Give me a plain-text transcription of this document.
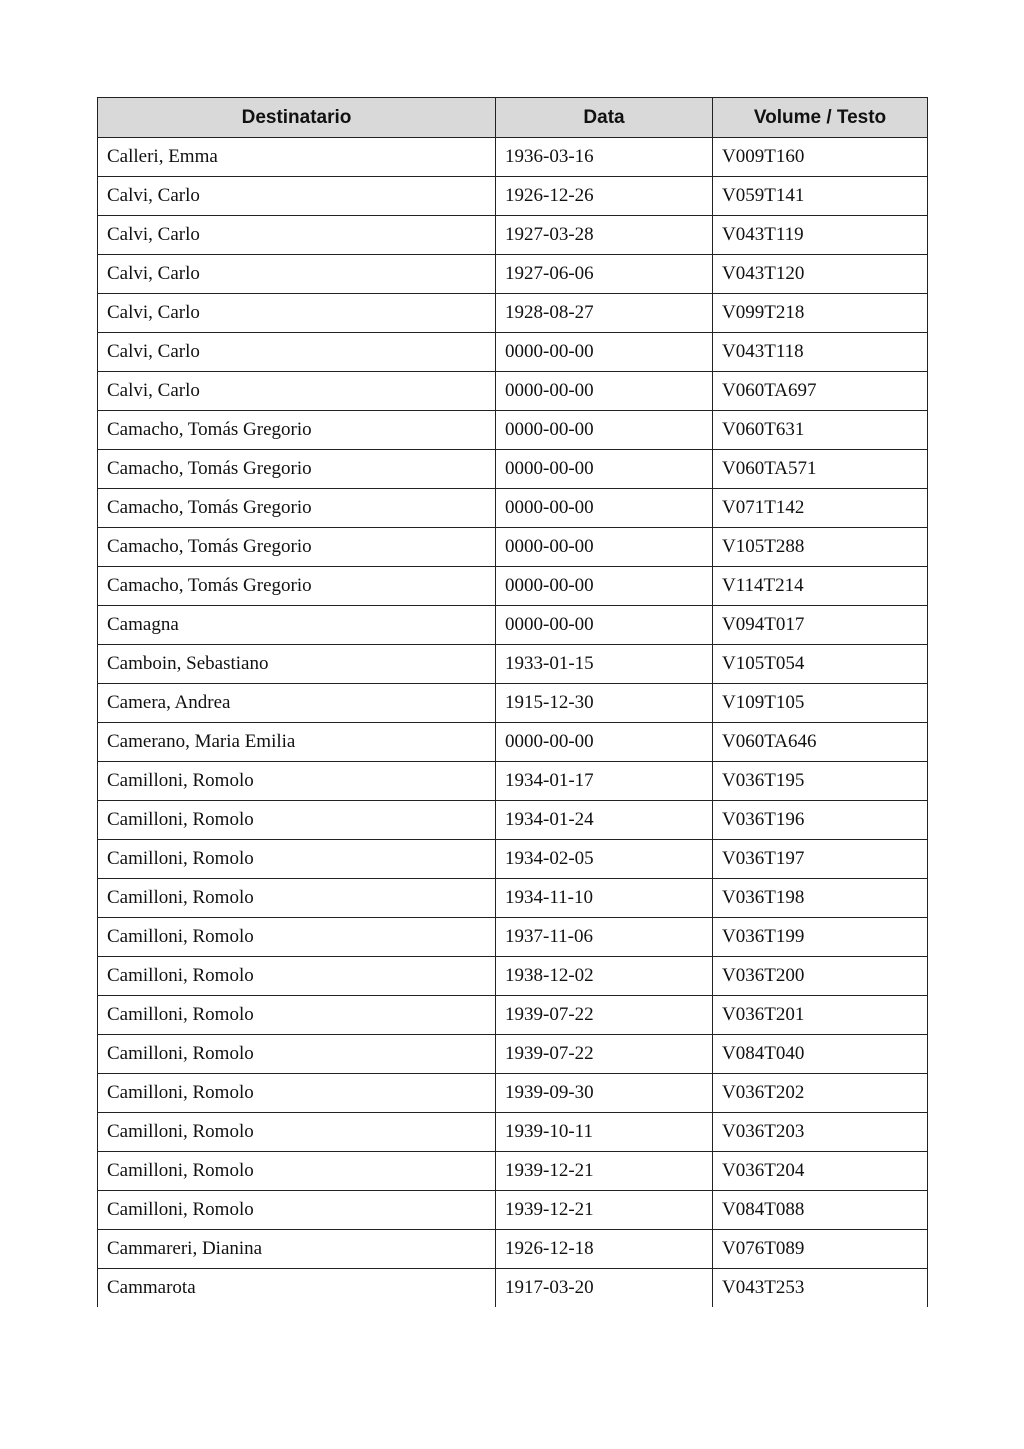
Destinatario	Data	Volume / Testo
Calleri, Emma	1936-03-16	V009T160
Calvi, Carlo	1926-12-26	V059T141
Calvi, Carlo	1927-03-28	V043T119
Calvi, Carlo	1927-06-06	V043T120
Calvi, Carlo	1928-08-27	V099T218
Calvi, Carlo	0000-00-00	V043T118
Calvi, Carlo	0000-00-00	V060TA697
Camacho, Tomás Gregorio	0000-00-00	V060T631
Camacho, Tomás Gregorio	0000-00-00	V060TA571
Camacho, Tomás Gregorio	0000-00-00	V071T142
Camacho, Tomás Gregorio	0000-00-00	V105T288
Camacho, Tomás Gregorio	0000-00-00	V114T214
Camagna	0000-00-00	V094T017
Camboin, Sebastiano	1933-01-15	V105T054
Camera, Andrea	1915-12-30	V109T105
Camerano, Maria Emilia	0000-00-00	V060TA646
Camilloni, Romolo	1934-01-17	V036T195
Camilloni, Romolo	1934-01-24	V036T196
Camilloni, Romolo	1934-02-05	V036T197
Camilloni, Romolo	1934-11-10	V036T198
Camilloni, Romolo	1937-11-06	V036T199
Camilloni, Romolo	1938-12-02	V036T200
Camilloni, Romolo	1939-07-22	V036T201
Camilloni, Romolo	1939-07-22	V084T040
Camilloni, Romolo	1939-09-30	V036T202
Camilloni, Romolo	1939-10-11	V036T203
Camilloni, Romolo	1939-12-21	V036T204
Camilloni, Romolo	1939-12-21	V084T088
Cammareri, Dianina	1926-12-18	V076T089
Cammarota	1917-03-20	V043T253
